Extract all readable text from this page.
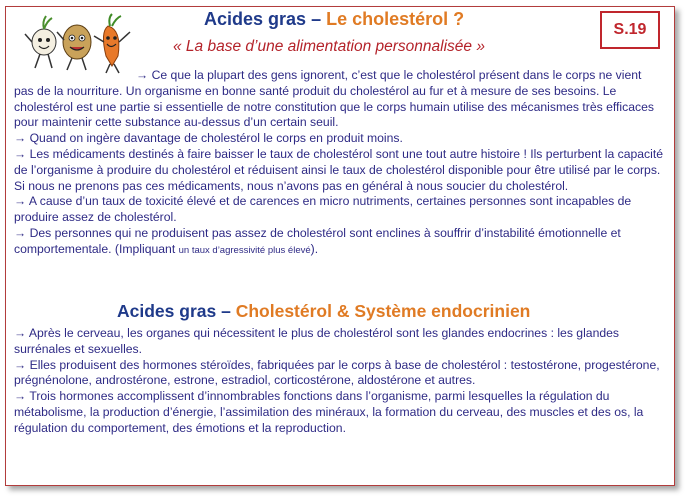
Acides gras – Le cholestérol ?
« La base d’une alimentation personnalisée »
S.19

→ Ce que la plupart des gens ignorent, c’est que le cholestérol présent dans le corps ne vient pas de la nourriture. Un organisme en bonne santé produit du cholestérol au fur et à mesure de ses besoins. Le cholestérol est une partie si essentielle de notre constitution que le corps humain utilise des mécanismes très efficaces pour maintenir cette substance au-dessus d’un certain seuil.

→ Quand on ingère davantage de cholestérol le corps en produit moins.

→ Les médicaments destinés à faire baisser le taux de cholestérol sont une tout autre histoire ! Ils perturbent la capacité de l’organisme à produire du cholestérol et réduisent ainsi le taux de cholestérol disponible pour être utilisé par le corps. Si nous ne prenons pas ces médicaments, nous n’avons pas en général à nous soucier du cholestérol.

→ A cause d’un taux de toxicité élevé et de carences en micro nutriments, certaines personnes sont incapables de produire assez de cholestérol.

→ Des personnes qui ne produisent pas assez de cholestérol sont enclines à souffrir d’instabilité émotionnelle et comportementale. (Impliquant un taux d’agressivité plus élevé).

Acides gras – Cholestérol & Système endocrinien

→ Après le cerveau, les organes qui nécessitent le plus de cholestérol sont les glandes endocrines : les glandes surrénales et sexuelles.

→ Elles produisent des hormones stéroïdes, fabriquées par le corps à base de cholestérol : testostérone, progestérone, prégnénolone, androstérone, estrone, estradiol, corticostérone, aldostérone et autres.

→ Trois hormones accomplissent d’innombrables fonctions dans l’organisme, parmi lesquelles la régulation du métabolisme, la production d’énergie, l’assimilation des minéraux, la formation du cerveau, des muscles et des os, la régulation du comportement, des émotions et la reproduction.
